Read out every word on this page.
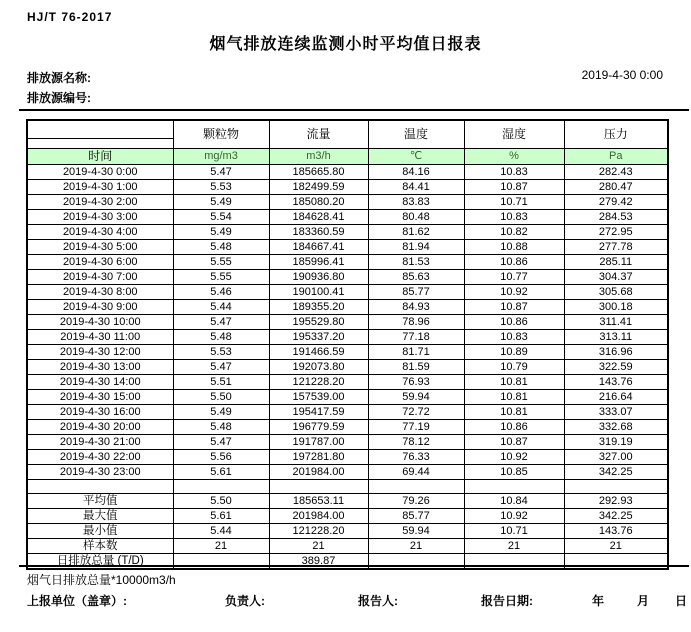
HJ/T 76-2017
烟气排放连续监测小时平均值日报表
排放源名称:
排放源编号:
2019-4-30 0:00
	颗粒物	流量	温度	湿度	压力

时间	mg/m3	m3/h	℃	%	Pa
2019-4-30 0:00	5.47	185665.80	84.16	10.83	282.43
2019-4-30 1:00	5.53	182499.59	84.41	10.87	280.47
2019-4-30 2:00	5.49	185080.20	83.83	10.71	279.42
2019-4-30 3:00	5.54	184628.41	80.48	10.83	284.53
2019-4-30 4:00	5.49	183360.59	81.62	10.82	272.95
2019-4-30 5:00	5.48	184667.41	81.94	10.88	277.78
2019-4-30 6:00	5.55	185996.41	81.53	10.86	285.11
2019-4-30 7:00	5.55	190936.80	85.63	10.77	304.37
2019-4-30 8:00	5.46	190100.41	85.77	10.92	305.68
2019-4-30 9:00	5.44	189355.20	84.93	10.87	300.18
2019-4-30 10:00	5.47	195529.80	78.96	10.86	311.41
2019-4-30 11:00	5.48	195337.20	77.18	10.83	313.11
2019-4-30 12:00	5.53	191466.59	81.71	10.89	316.96
2019-4-30 13:00	5.47	192073.80	81.59	10.79	322.59
2019-4-30 14:00	5.51	121228.20	76.93	10.81	143.76
2019-4-30 15:00	5.50	157539.00	59.94	10.81	216.64
2019-4-30 16:00	5.49	195417.59	72.72	10.81	333.07
2019-4-30 20:00	5.48	196779.59	77.19	10.86	332.68
2019-4-30 21:00	5.47	191787.00	78.12	10.87	319.19
2019-4-30 22:00	5.56	197281.80	76.33	10.92	327.00
2019-4-30 23:00	5.61	201984.00	69.44	10.85	342.25

平均值	5.50	185653.11	79.26	10.84	292.93
最大值	5.61	201984.00	85.77	10.92	342.25
最小值	5.44	121228.20	59.94	10.71	143.76
样本数	21	21	21	21	21
日排放总量 (T/D)		389.87			
烟气日排放总量*10000m3/h
上报单位（盖章）:	负责人:	报告人:	报告日期:	年	月 日
